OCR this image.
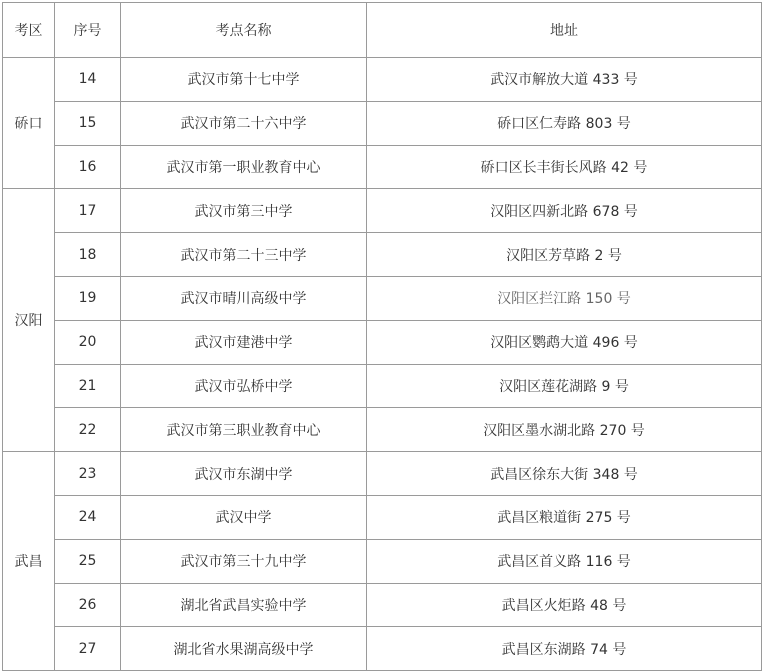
考区	序号	考点名称	地址
硚口	14	武汉市第十七中学	武汉市解放大道 433 号
	15	武汉市第二十六中学	硚口区仁寿路 803 号
	16	武汉市第一职业教育中心	硚口区长丰街长风路 42 号
汉阳	17	武汉市第三中学	汉阳区四新北路 678 号
	18	武汉市第二十三中学	汉阳区芳草路 2 号
	19	武汉市晴川高级中学	汉阳区拦江路 150 号
	20	武汉市建港中学	汉阳区鹦鹉大道 496 号
	21	武汉市弘桥中学	汉阳区莲花湖路 9 号
	22	武汉市第三职业教育中心	汉阳区墨水湖北路 270 号
武昌	23	武汉市东湖中学	武昌区徐东大街 348 号
	24	武汉中学	武昌区粮道街 275 号
	25	武汉市第三十九中学	武昌区首义路 116 号
	26	湖北省武昌实验中学	武昌区火炬路 48 号
	27	湖北省水果湖高级中学	武昌区东湖路 74 号
